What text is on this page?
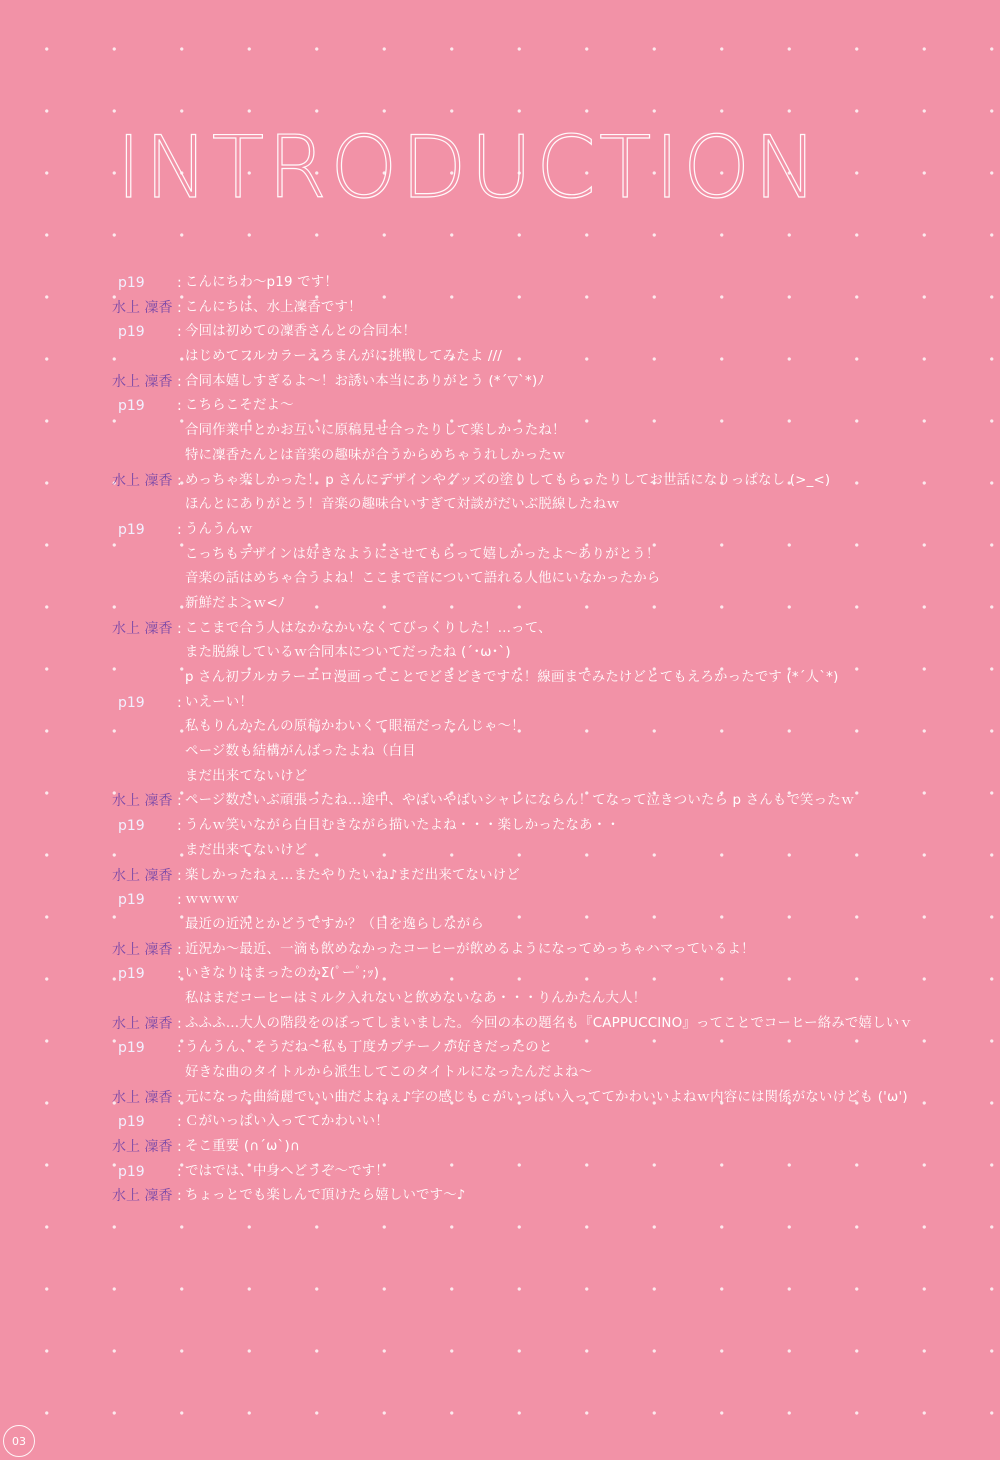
INTRODUCTION
p19	: こんにちわ～p19 です！
水上 凜香 : こんにちは、水上凜香です！
p19	: 今回は初めての凜香さんとの合同本！
はじめてフルカラーえろまんがに挑戦してみたよ ///
水上 凜香 : 合同本嬉しすぎるよ～！お誘い本当にありがとう (*´▽`*)ﾉ
p19	: こちらこそだよ～
合同作業中とかお互いに原稿見せ合ったりして楽しかったね！
特に凜香たんとは音楽の趣味が合うからめちゃうれしかったｗ
水上 凜香 : めっちゃ楽しかった！ p さんにデザインやグッズの塗りしてもらったりしてお世話になりっぱなし (>_<)
ほんとにありがとう！音楽の趣味合いすぎて対談がだいぶ脱線したねｗ
p19	: うんうんｗ
こっちもデザインは好きなようにさせてもらって嬉しかったよ～ありがとう！
音楽の話はめちゃ合うよね！ここまで音について語れる人他にいなかったから
新鮮だよ＞ｗ<ﾉ
水上 凜香 : ここまで合う人はなかなかいなくてびっくりした！…って、
また脱線しているｗ合同本についてだったね (´･ω･`)
p さん初フルカラーエロ漫画ってことでどきどきですな！線画までみたけどとてもえろかったです (*´人`*)
p19	: いえーい！
私もりんかたんの原稿かわいくて眼福だったんじゃ～！
ページ数も結構がんばったよね（白目
まだ出来てないけど
水上 凜香 : ページ数だいぶ頑張ったね…途中、やばいやばいシャレにならん！てなって泣きついたら p さんもで笑ったｗ
p19	: うんｗ笑いながら白目むきながら描いたよね・・・楽しかったなあ・・
まだ出来てないけど
水上 凜香 : 楽しかったねぇ…またやりたいね♪まだ出来てないけど
p19	: ｗｗｗｗ
最近の近況とかどうですか？（目を逸らしながら
水上 凜香 : 近況か～最近、一滴も飲めなかったコーヒーが飲めるようになってめっちゃハマっているよ！
p19	: いきなりはまったのかΣ(ﾟーﾟ;ｯ)
私はまだコーヒーはミルク入れないと飲めないなあ・・・りんかたん大人！
水上 凜香 : ふふふ…大人の階段をのぼってしまいました。今回の本の題名も『CAPPUCCINO』ってことでコーヒー絡みで嬉しいｖ
p19	: うんうん、そうだね～私も丁度カプチーノが好きだったのと
好きな曲のタイトルから派生してこのタイトルになったんだよね～
水上 凜香 : 元になった曲綺麗でいい曲だよねぇ♪字の感じもｃがいっぱい入っててかわいいよねｗ内容には関係がないけども ('ω')
p19	: Ｃがいっぱい入っててかわいい！
水上 凜香 : そこ重要 (∩´ω`)∩
p19	: ではでは、中身へどうぞ～です！
水上 凜香 : ちょっとでも楽しんで頂けたら嬉しいです～♪
03
